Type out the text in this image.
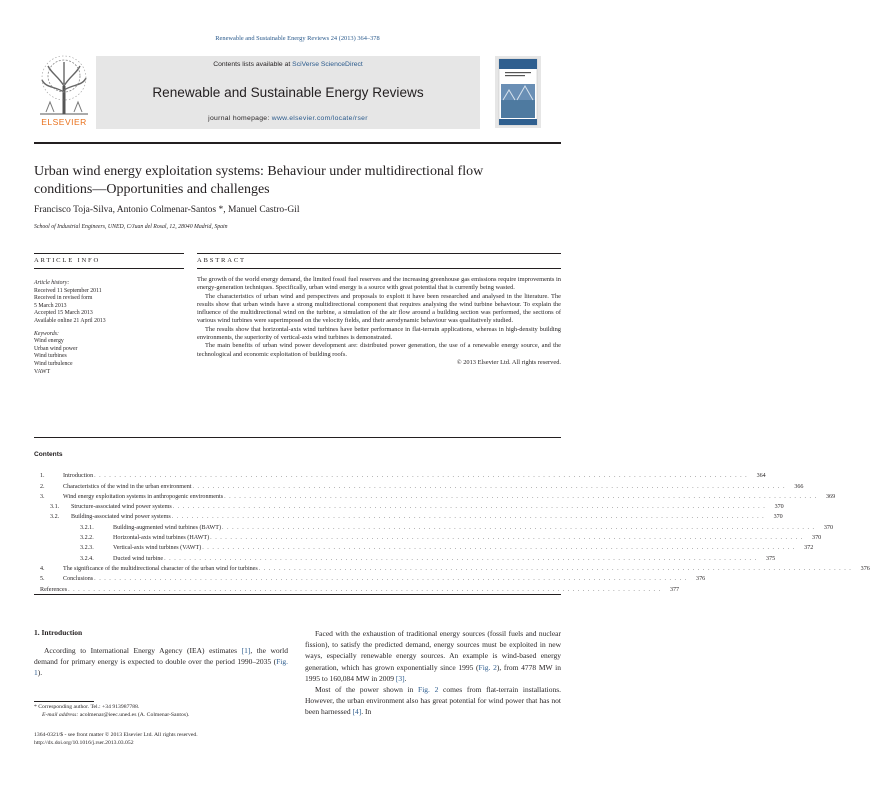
Renewable and Sustainable Energy Reviews 24 (2013) 364–378
ELSEVIER
Contents lists available at SciVerse ScienceDirect
Renewable and Sustainable Energy Reviews
journal homepage: www.elsevier.com/locate/rser
Urban wind energy exploitation systems: Behaviour under multidirectional flow conditions—Opportunities and challenges
Francisco Toja-Silva, Antonio Colmenar-Santos *, Manuel Castro-Gil
School of Industrial Engineers, UNED, C/Juan del Rosal, 12, 28040 Madrid, Spain
ARTICLE INFO
Article history:
Received 11 September 2011
Received in revised form
5 March 2013
Accepted 15 March 2013
Available online 21 April 2013
Keywords:
Wind energy
Urban wind power
Wind turbines
Wind turbulence
VAWT
ABSTRACT

The growth of the world energy demand, the limited fossil fuel reserves and the increasing greenhouse gas emissions require improvements in energy-generation techniques. Specifically, urban wind energy is a source with great potential that is currently being wasted.

The characteristics of urban wind and perspectives and proposals to exploit it have been researched and analysed in the literature. The results show that urban winds have a strong multidirectional component that requires analysing the wind turbine behaviour. To explain the influence of the multidirectional wind on the turbine, a simulation of the air flow around a building section was performed, the sections of various wind turbines were superimposed on the velocity fields, and their aerodynamic behaviour was qualitatively studied.

The results show that horizontal-axis wind turbines have better performance in flat-terrain applications, whereas in high-density building environments, the superiority of vertical-axis wind turbines is demonstrated.

The main benefits of urban wind power development are: distributed power generation, the use of a renewable energy source, and the technological and economic exploitation of building roofs.

© 2013 Elsevier Ltd. All rights reserved.
Contents
1.	Introduction . . . . . . . . . . . . . . . . . . . . . . . . . . . . . . . . . . . . . . . . . . . . . . . . . . . . . . . . . . . . . . . . . . . . . . . . . . . . . . . . . . . . . . . . . . . . . . . . . . . . . . . . . . . . . . . . . . . . . . . . . . . . . . . . . .	364
2.	Characteristics of the wind in the urban environment . . . . . . . . . . . . . . . . . . . . . . . . . . . . . . . . . . . . . . . . . . . . . . . . . . . . . . . . . . . . . . . . . . . . . . . . . . . . . . . . . . . . . . . . . . . . . . . . . . . . . . . . . . . . . . . . . . . . . .	366
3.	Wind energy exploitation systems in anthropogenic environments . . . . . . . . . . . . . . . . . . . . . . . . . . . . . . . . . . . . . . . . . . . . . . . . . . . . . . . . . . . . . . . . . . . . . . . . . . . . . . . . . . . . . . . . . . . . . . . . . . . . . . . . . . . . . . . . . . . . . .	369
3.1.	Structure-associated wind power systems . . . . . . . . . . . . . . . . . . . . . . . . . . . . . . . . . . . . . . . . . . . . . . . . . . . . . . . . . . . . . . . . . . . . . . . . . . . . . . . . . . . . . . . . . . . . . . . . . . . . . . . . . . . . . . . . . . . . . .	370
3.2.	Building-associated wind power systems . . . . . . . . . . . . . . . . . . . . . . . . . . . . . . . . . . . . . . . . . . . . . . . . . . . . . . . . . . . . . . . . . . . . . . . . . . . . . . . . . . . . . . . . . . . . . . . . . . . . . . . . . . . . . . . . . . . . . .	370
3.2.1.	Building-augmented wind turbines (BAWT) . . . . . . . . . . . . . . . . . . . . . . . . . . . . . . . . . . . . . . . . . . . . . . . . . . . . . . . . . . . . . . . . . . . . . . . . . . . . . . . . . . . . . . . . . . . . . . . . . . . . . . . . . . . . . . . . . . . . . .	370
3.2.2.	Horizontal-axis wind turbines (HAWT) . . . . . . . . . . . . . . . . . . . . . . . . . . . . . . . . . . . . . . . . . . . . . . . . . . . . . . . . . . . . . . . . . . . . . . . . . . . . . . . . . . . . . . . . . . . . . . . . . . . . . . . . . . . . . . . . . . . . . .	370
3.2.3.	Vertical-axis wind turbines (VAWT) . . . . . . . . . . . . . . . . . . . . . . . . . . . . . . . . . . . . . . . . . . . . . . . . . . . . . . . . . . . . . . . . . . . . . . . . . . . . . . . . . . . . . . . . . . . . . . . . . . . . . . . . . . . . . . . . . . . . . .	372
3.2.4.	Ducted wind turbine . . . . . . . . . . . . . . . . . . . . . . . . . . . . . . . . . . . . . . . . . . . . . . . . . . . . . . . . . . . . . . . . . . . . . . . . . . . . . . . . . . . . . . . . . . . . . . . . . . . . . . . . . . . . . . . . . . . . . .	375
4.	The significance of the multidirectional character of the urban wind for turbines . . . . . . . . . . . . . . . . . . . . . . . . . . . . . . . . . . . . . . . . . . . . . . . . . . . . . . . . . . . . . . . . . . . . . . . . . . . . . . . . . . . . . . . . . . . . . . . . . . . . . . . . . . . . . . . . . . . . . .	376
5.	Conclusions . . . . . . . . . . . . . . . . . . . . . . . . . . . . . . . . . . . . . . . . . . . . . . . . . . . . . . . . . . . . . . . . . . . . . . . . . . . . . . . . . . . . . . . . . . . . . . . . . . . . . . . . . . . . . . . . . . . . . .	376
References . . . . . . . . . . . . . . . . . . . . . . . . . . . . . . . . . . . . . . . . . . . . . . . . . . . . . . . . . . . . . . . . . . . . . . . . . . . . . . . . . . . . . . . . . . . . . . . . . . . . . . . . . . . . . . . . . . . . . .	377
1. Introduction

According to International Energy Agency (IEA) estimates [1], the world demand for primary energy is expected to double over the period 1990–2035 (Fig. 1).

Faced with the exhaustion of traditional energy sources (fossil fuels and nuclear fission), to satisfy the predicted demand, energy sources must be exploited in new ways, especially renewable energy sources. An example is wind-based energy generation, which has grown exponentially since 1995 (Fig. 2), from 4778 MW in 1995 to 160,084 MW in 2009 [3].

Most of the power shown in Fig. 2 comes from flat-terrain installations. However, the urban environment also has great potential for wind power that has not been harnessed [4]. In

* Corresponding author. Tel.: +34 913987788.
E-mail address: acolmenar@ieec.uned.es (A. Colmenar-Santos).
1364-0321/$ - see front matter © 2013 Elsevier Ltd. All rights reserved.
http://dx.doi.org/10.1016/j.rser.2013.03.052
